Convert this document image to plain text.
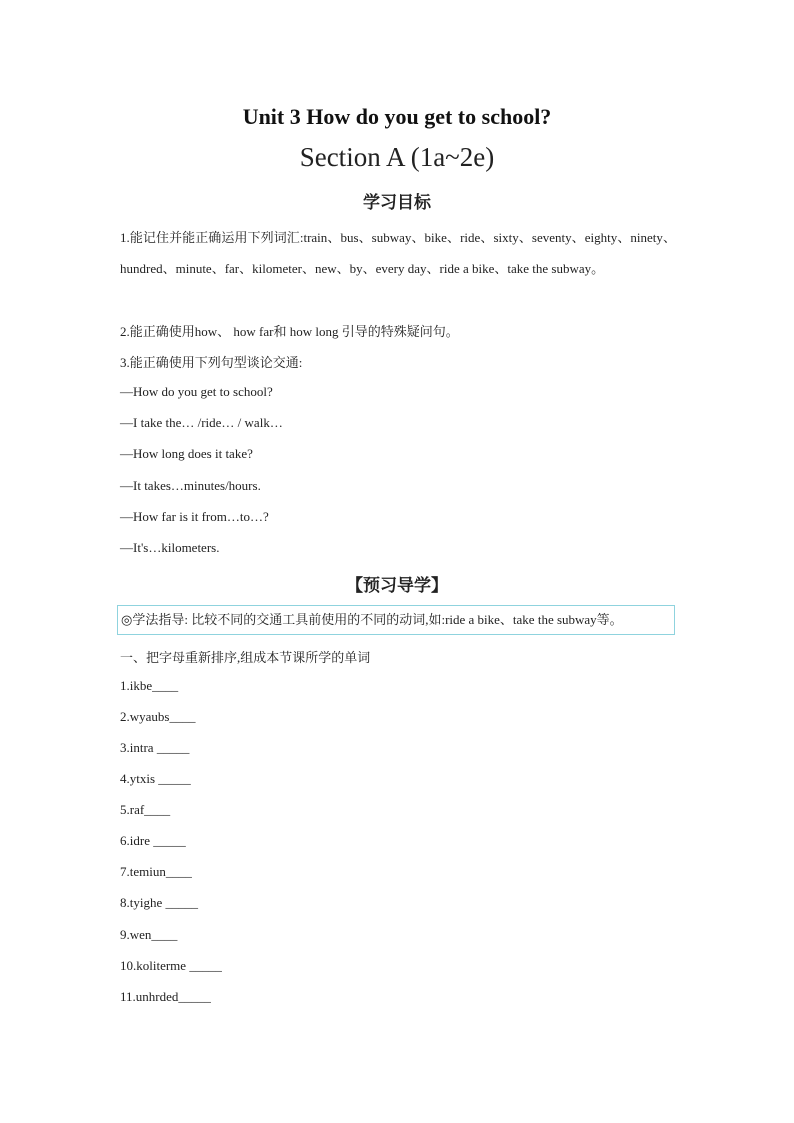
Unit 3 How do you get to school?
Section A (1a~2e)
学习目标
1.能记住并能正确运用下列词汇:train、bus、subway、bike、ride、sixty、seventy、eighty、ninety、hundred、minute、far、kilometer、new、by、every day、ride a bike、take the subway。
2.能正确使用how、 how far和 how long 引导的特殊疑问句。
3.能正确使用下列句型谈论交通:
—How do you get to school?
—I take the… /ride… / walk…
—How long does it take?
—It takes…minutes/hours.
—How far is it from…to…?
—It's…kilometers.
【预习导学】
◎学法指导: 比较不同的交通工具前使用的不同的动词,如:ride a bike、take the subway等。
一、把字母重新排序,组成本节课所学的单词
1.ikbe____
2.wyaubs____
3.intra _____
4.ytxis _____
5.raf____
6.idre _____
7.temiun____
8.tyighe _____
9.wen____
10.koliterme _____
11.unhrded_____
